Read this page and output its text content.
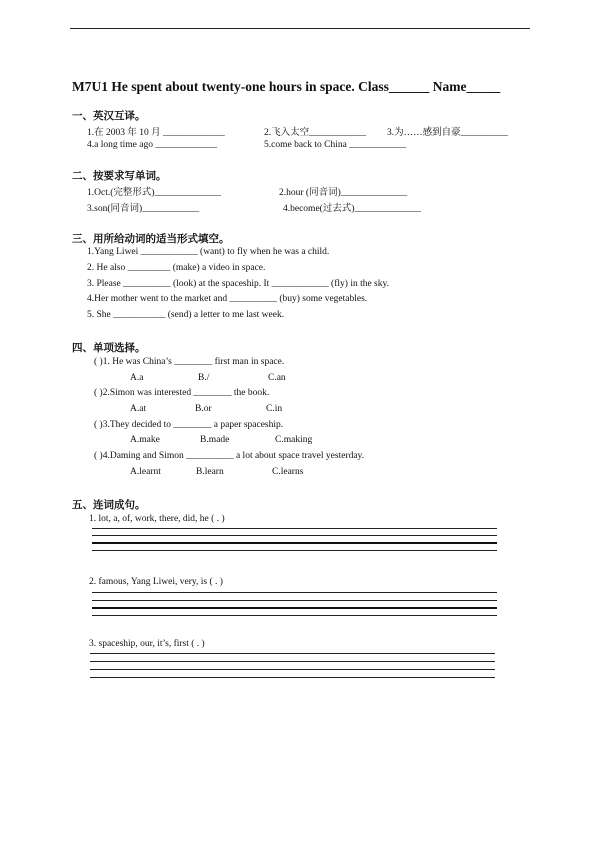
M7U1 He spent about twenty-one hours in space. Class______ Name_____
一、英汉互译。
1.在 2003 年 10 月 _____________	2.飞入太空____________ 3.为……感到自豪__________
4.a long time ago _____________	5.come back to China ____________
二、按要求写单词。
1.Oct.(完整形式)______________	2.hour (同音词)______________
3.son(同音词)____________	4.become(过去式)______________
三、用所给动词的适当形式填空。
1.Yang Liwei ____________ (want) to fly when he was a child.
2. He also _________ (make) a video in space.
3. Please __________ (look) at the spaceship. It ____________ (fly) in the sky.
4.Her mother went to the market and __________ (buy) some vegetables.
5. She ___________ (send) a letter to me last week.
四、单项选择。
( )1. He was China’s ________ first man in space.
A.a	B./	C.an
( )2.Simon was interested ________ the book.
A.at	B.or	C.in
( )3.They decided to ________ a paper spaceship.
A.make	B.made	C.making
( )4.Daming and Simon __________ a lot about space travel yesterday.
A.learnt	B.learn	C.learns
五、连词成句。
1. lot, a, of, work, there, did, he ( . )
2. famous, Yang Liwei, very, is ( . )
3. spaceship, our, it’s, first ( . )
